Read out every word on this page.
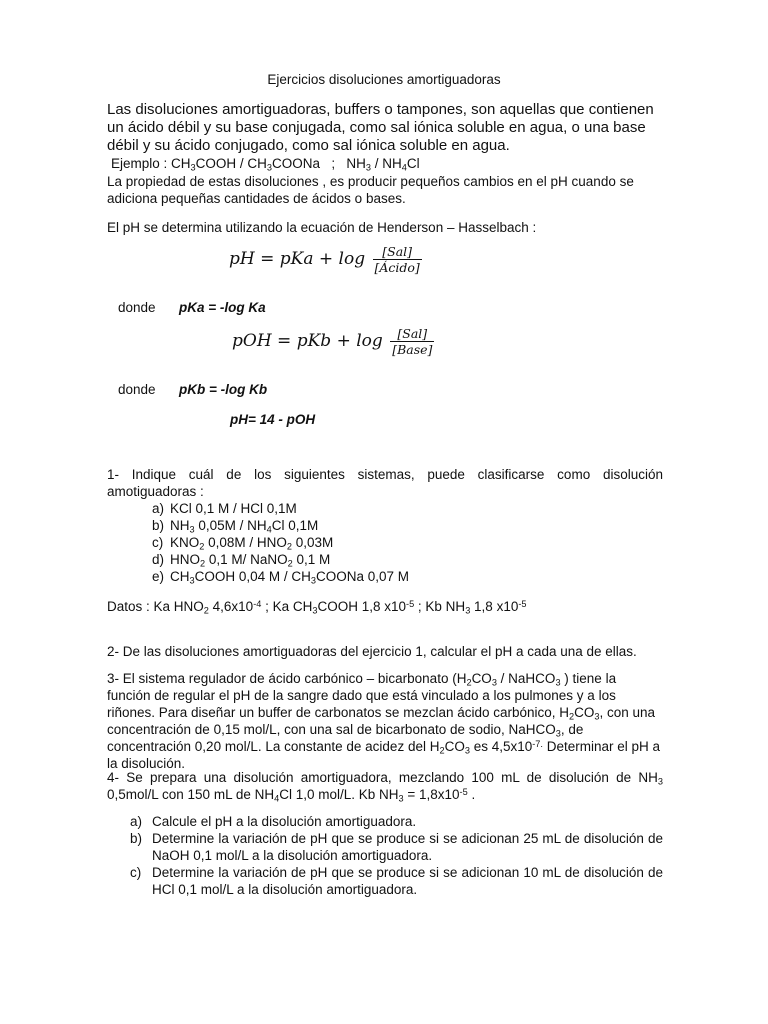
Ejercicios disoluciones amortiguadoras
Las disoluciones amortiguadoras, buffers o tampones, son aquellas que contienen un ácido débil y su base conjugada, como sal iónica soluble en agua, o una base débil y su ácido conjugado, como sal iónica soluble en agua.
Ejemplo : $CH_3COOH$ / $CH_3COONa$ ; $NH_3 / NH_4Cl$
La propiedad de estas disoluciones , es producir pequeños cambios en el pH cuando se adiciona pequeñas cantidades de ácidos o bases.
El pH se determina utilizando la ecuación de Henderson – Hasselbach :
pH = pKa + $\log \frac{\text{[Sal]}}{\text{[Ácido]}}$
donde pKa = -log Ka
pOH = pKb + $\log \frac{\text{[Sal]}}{\text{[Base]}}$
donde pKb = -log Kb
pH= 14 - pOH
1- Indique cuál de los siguientes sistemas, puede clasificarse como disolución amotiguadoras :
a) KCl 0,1 M / HCl 0,1M
b) $NH_3$ $0,05M / NH_4Cl$ 0,1M
c) $KNO_2$ $0,08M / HNO_2$ 0,03M
d) $HNO_2$ 0,1 M/ NaNO$_2$ 0,1 M
e) $CH_3COOH$ 0,04 M / $CH_3COONa$ 0,07 M
Datos : Ka $HNO_2$ $4,6x10^{-4}$ ; Ka $CH_3COOH$ 1,8 $x10^{-5}$ ; Kb $NH_3$ 1,8 $x10^{-5}$
2- De las disoluciones amortiguadoras del ejercicio 1, calcular el pH a cada una de ellas.
3- El sistema regulador de ácido carbónico – bicarbonato ($H_2CO_3$ / NaHCO$_3$ ) tiene la función de regular el pH de la sangre dado que está vinculado a los pulmones y a los riñones. Para diseñar un buffer de carbonatos se mezclan ácido carbónico, $H_2CO_3$, con una concentración de 0,15 mol/L, con una sal de bicarbonato de sodio, NaHCO$_3$, de concentración 0,20 mol/L. La constante de acidez del $H_2CO_3$ es $4,5x10^{-7.}$ Determinar el pH a la disolución.
4- Se prepara una disolución amortiguadora, mezclando 100 mL de disolución de $NH_3$ 0,5mol/L con 150 mL de $NH_4Cl$ 1,0 mol/L. Kb $NH_3 = 1,8x10^{-5}$ .
a) Calcule el pH a la disolución amortiguadora.
b) Determine la variación de pH que se produce si se adicionan 25 mL de disolución de NaOH 0,1 mol/L a la disolución amortiguadora.
c) Determine la variación de pH que se produce si se adicionan 10 mL de disolución de HCl 0,1 mol/L a la disolución amortiguadora.
